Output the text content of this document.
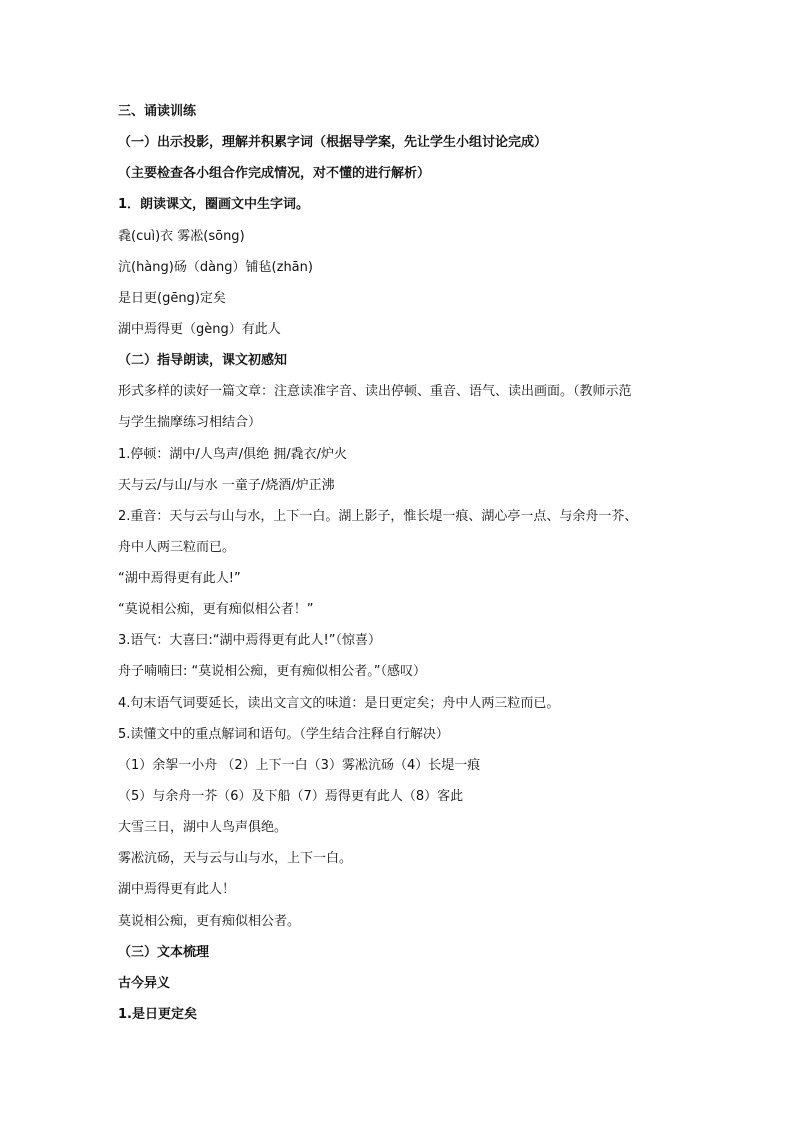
三、诵读训练
（一）出示投影，理解并积累字词（根据导学案，先让学生小组讨论完成）
（主要检查各小组合作完成情况，对不懂的进行解析）
1．朗读课文，圈画文中生字词。
毳(cuì)衣 雾凇(sōng)
沆(hàng)砀（dàng）铺毡(zhān)
是日更(gēng)定矣
湖中焉得更（gèng）有此人
（二）指导朗读，课文初感知
形式多样的读好一篇文章：注意读准字音、读出停顿、重音、语气、读出画面。（教师示范
与学生揣摩练习相结合）
1.停顿：湖中/人鸟声/俱绝 拥/毳衣/炉火
天与云/与山/与水 一童子/烧酒/炉正沸
2.重音：天与云与山与水，上下一白。湖上影子，惟长堤一痕、湖心亭一点、与余舟一芥、
舟中人两三粒而已。
“湖中焉得更有此人!”
“莫说相公痴，更有痴似相公者！”
3.语气：大喜曰:“湖中焉得更有此人!”（惊喜）
舟子喃喃曰: “莫说相公痴，更有痴似相公者。”（感叹）
4.句末语气词要延长，读出文言文的味道：是日更定矣；舟中人两三粒而已。
5.读懂文中的重点解词和语句。（学生结合注释自行解决）
（1）余挐一小舟 （2）上下一白（3）雾凇沆砀（4）长堤一痕
（5）与余舟一芥（6）及下船（7）焉得更有此人（8）客此
大雪三日，湖中人鸟声俱绝。
雾凇沆砀，天与云与山与水，上下一白。
湖中焉得更有此人！
莫说相公痴，更有痴似相公者。
（三）文本梳理
古今异义
1.是日更定矣
